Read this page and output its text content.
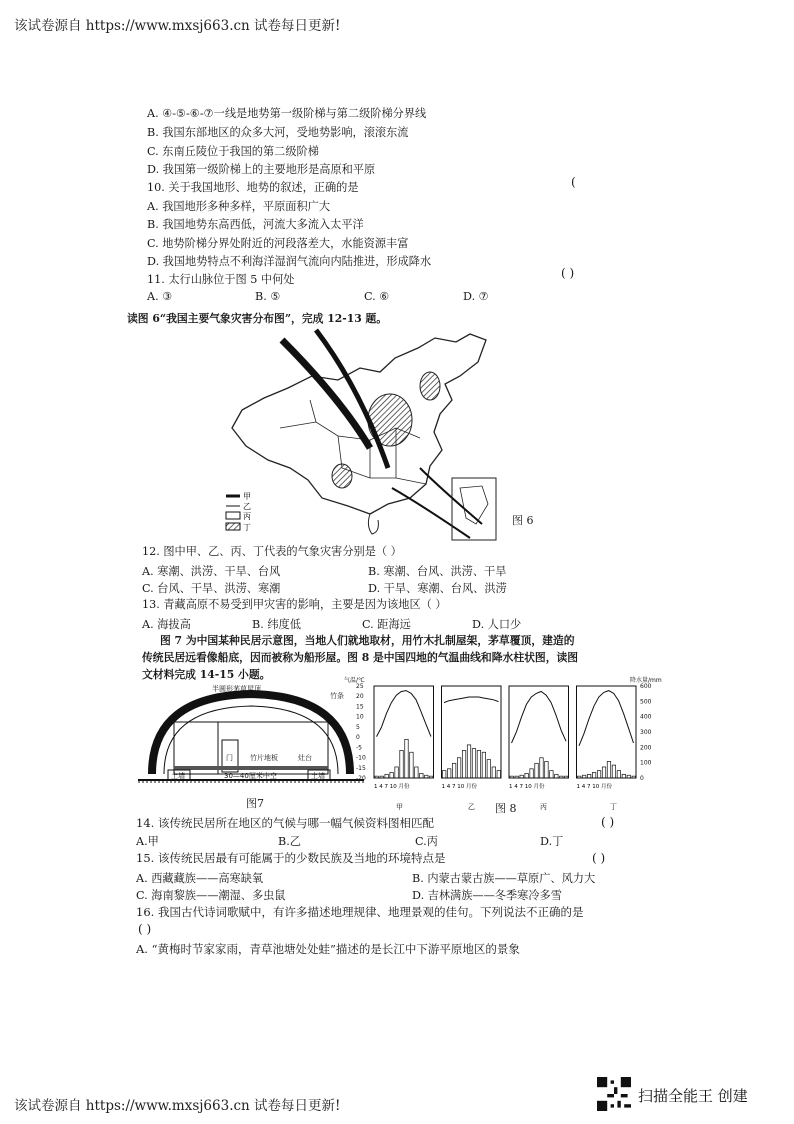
该试卷源自 https://www.mxsj663.cn 试卷每日更新!
该试卷源自 https://www.mxsj663.cn 试卷每日更新!
A. ④-⑤-⑥-⑦一线是地势第一级阶梯与第二级阶梯分界线
B. 我国东部地区的众多大河，受地势影响，滚滚东流
C. 东南丘陵位于我国的第二级阶梯
D. 我国第一级阶梯上的主要地形是高原和平原
10. 关于我国地形、地势的叙述，正确的是	(
A. 我国地形多种多样，平原面积广大
B. 我国地势东高西低，河流大多流入太平洋
C. 地势阶梯分界处附近的河段落差大，水能资源丰富
D. 我国地势特点不利海洋湿润气流向内陆推进，形成降水
11. 太行山脉位于图 5 中何处	( )
A. ③	B. ⑤	C. ⑥	D. ⑦
读图 6“我国主要气象灾害分布图”，完成 12-13 题。
甲
乙
丙
丁
图 6
12. 图中甲、乙、丙、丁代表的气象灾害分别是（ ）
A. 寒潮、洪涝、干旱、台风	B. 寒潮、台风、洪涝、干旱
C. 台风、干旱、洪涝、寒潮	D. 干旱、寒潮、台风、洪涝
13. 青藏高原不易受到甲灾害的影响，主要是因为该地区（ ）
A. 海拔高	B. 纬度低	C. 距海远	D. 人口少
图 7 为中国某种民居示意图，当地人们就地取材，用竹木扎制屋架，茅草覆顶，建造的
传统民居远看像船底，因而被称为船形屋。图 8 是中国四地的气温曲线和降水柱状图，读图
文材料完成 14-15 小题。
半圆形茅草屋顶
竹条
门 竹片地板	灶台
土墙	土墙
30—40厘米中空
图7
气温/℃	降水量/mm
25
20
15
10
5
0
-5
-10
-15
-20
600
500
400
300
200
100
0
1 4 7 10 月份	1 4 7 10 月份	1 4 7 10 月份	1 4 7 10 月份
甲	乙	丙	丁
图 8
14. 该传统民居所在地区的气候与哪一幅气候资料图相匹配	( )
A.甲	B.乙	C.丙	D.丁
15. 该传统民居最有可能属于的少数民族及当地的环境特点是	( )
A. 西藏藏族——高寒缺氧	B. 内蒙古蒙古族——草原广、风力大
C. 海南黎族——潮湿、多虫鼠	D. 吉林满族——冬季寒冷多雪
16. 我国古代诗词歌赋中，有许多描述地理规律、地理景观的佳句。下列说法不正确的是
( )
A. “黄梅时节家家雨，青草池塘处处蛙”描述的是长江中下游平原地区的景象
扫描全能王 创建
